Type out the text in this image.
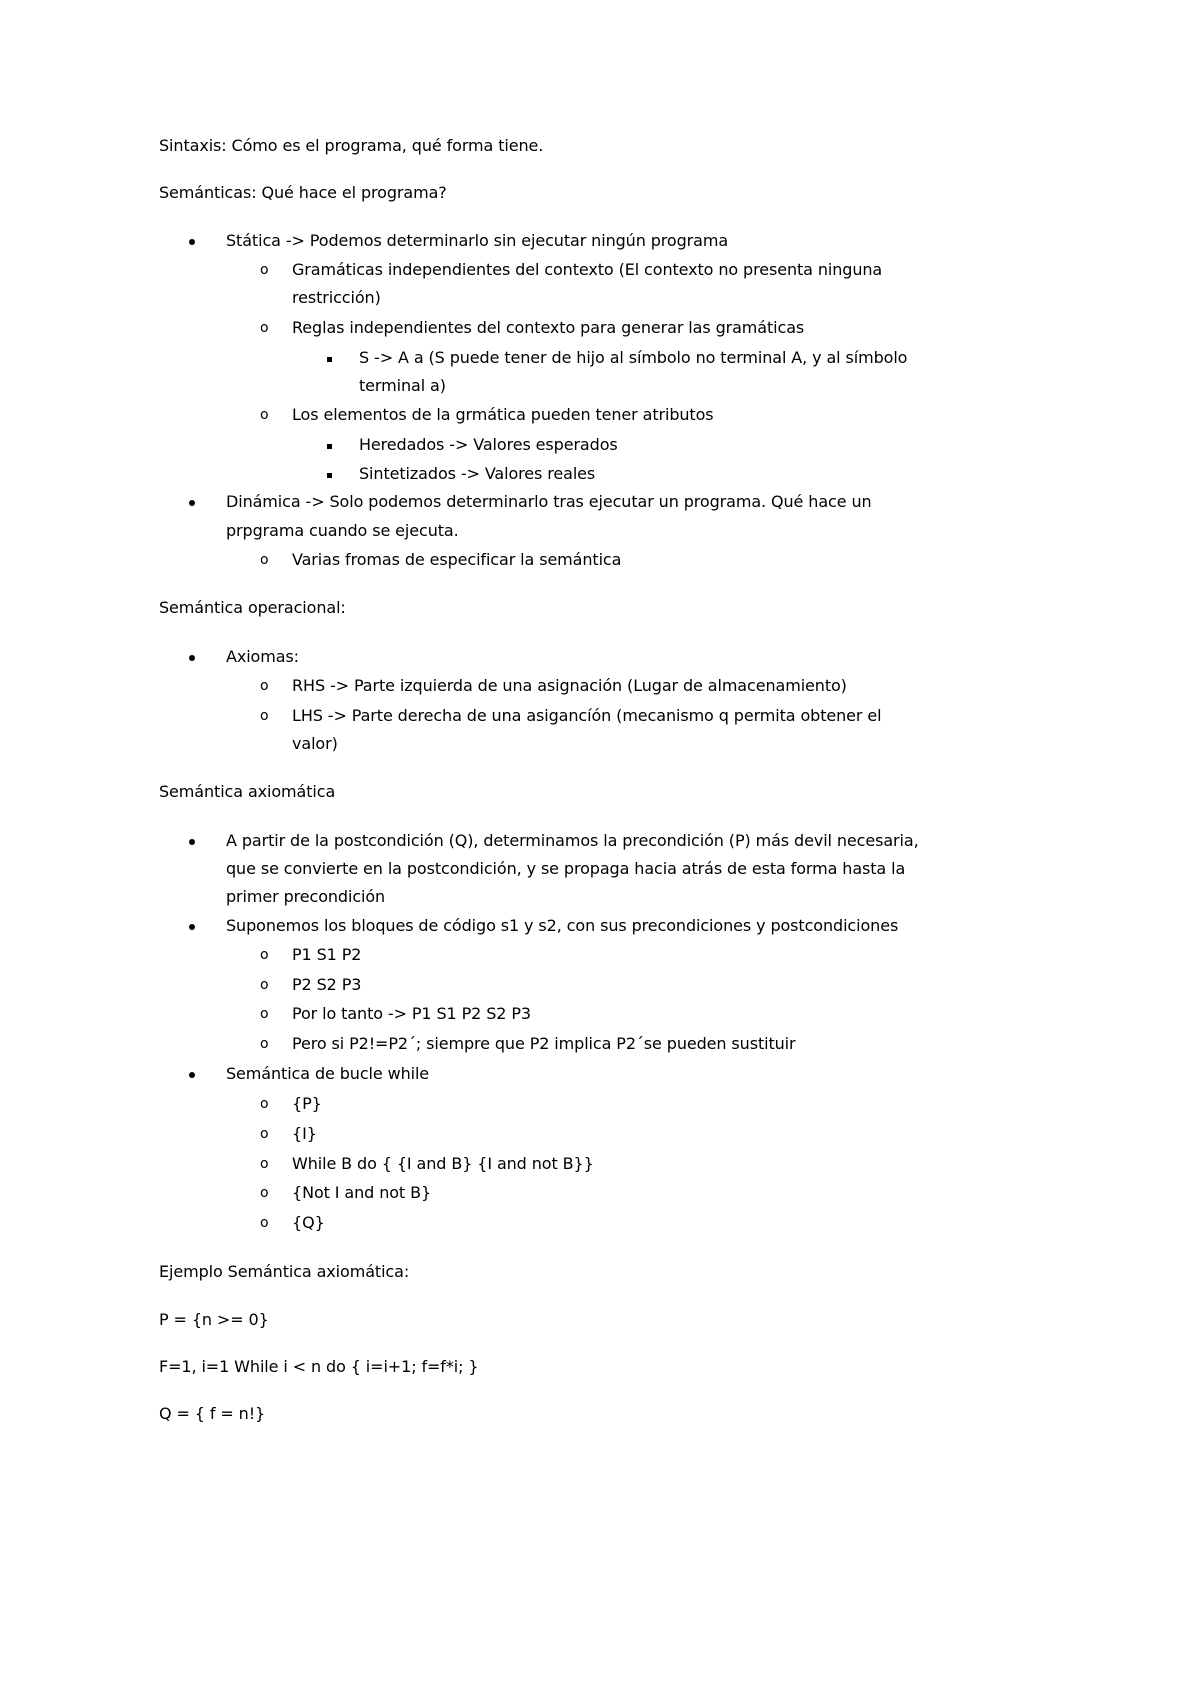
Sintaxis: Cómo es el programa, qué forma tiene.
Semánticas: Qué hace el programa?
Stática -> Podemos determinarlo sin ejecutar ningún programa
o Gramáticas independientes del contexto (El contexto no presenta ninguna
restricción)
o Reglas independientes del contexto para generar las gramáticas
S -> A a (S puede tener de hijo al símbolo no terminal A, y al símbolo
terminal a)
o Los elementos de la grmática pueden tener atributos
Heredados -> Valores esperados
Sintetizados -> Valores reales
Dinámica -> Solo podemos determinarlo tras ejecutar un programa. Qué hace un
prpgrama cuando se ejecuta.
o Varias fromas de especificar la semántica
Semántica operacional:
Axiomas:
o RHS -> Parte izquierda de una asignación (Lugar de almacenamiento)
o LHS -> Parte derecha de una asigancíón (mecanismo q permita obtener el
valor)
Semántica axiomática
A partir de la postcondición (Q), determinamos la precondición (P) más devil necesaria,
que se convierte en la postcondición, y se propaga hacia atrás de esta forma hasta la
primer precondición
Suponemos los bloques de código s1 y s2, con sus precondiciones y postcondiciones
o P1 S1 P2
o P2 S2 P3
o Por lo tanto -> P1 S1 P2 S2 P3
o Pero si P2!=P2´; siempre que P2 implica P2´se pueden sustituir
Semántica de bucle while
o {P}
o {I}
o While B do { {I and B} {I and not B}}
o {Not I and not B}
o {Q}
Ejemplo Semántica axiomática:
P = {n >= 0}
F=1, i=1 While i < n do { i=i+1; f=f*i; }
Q = { f = n!}
